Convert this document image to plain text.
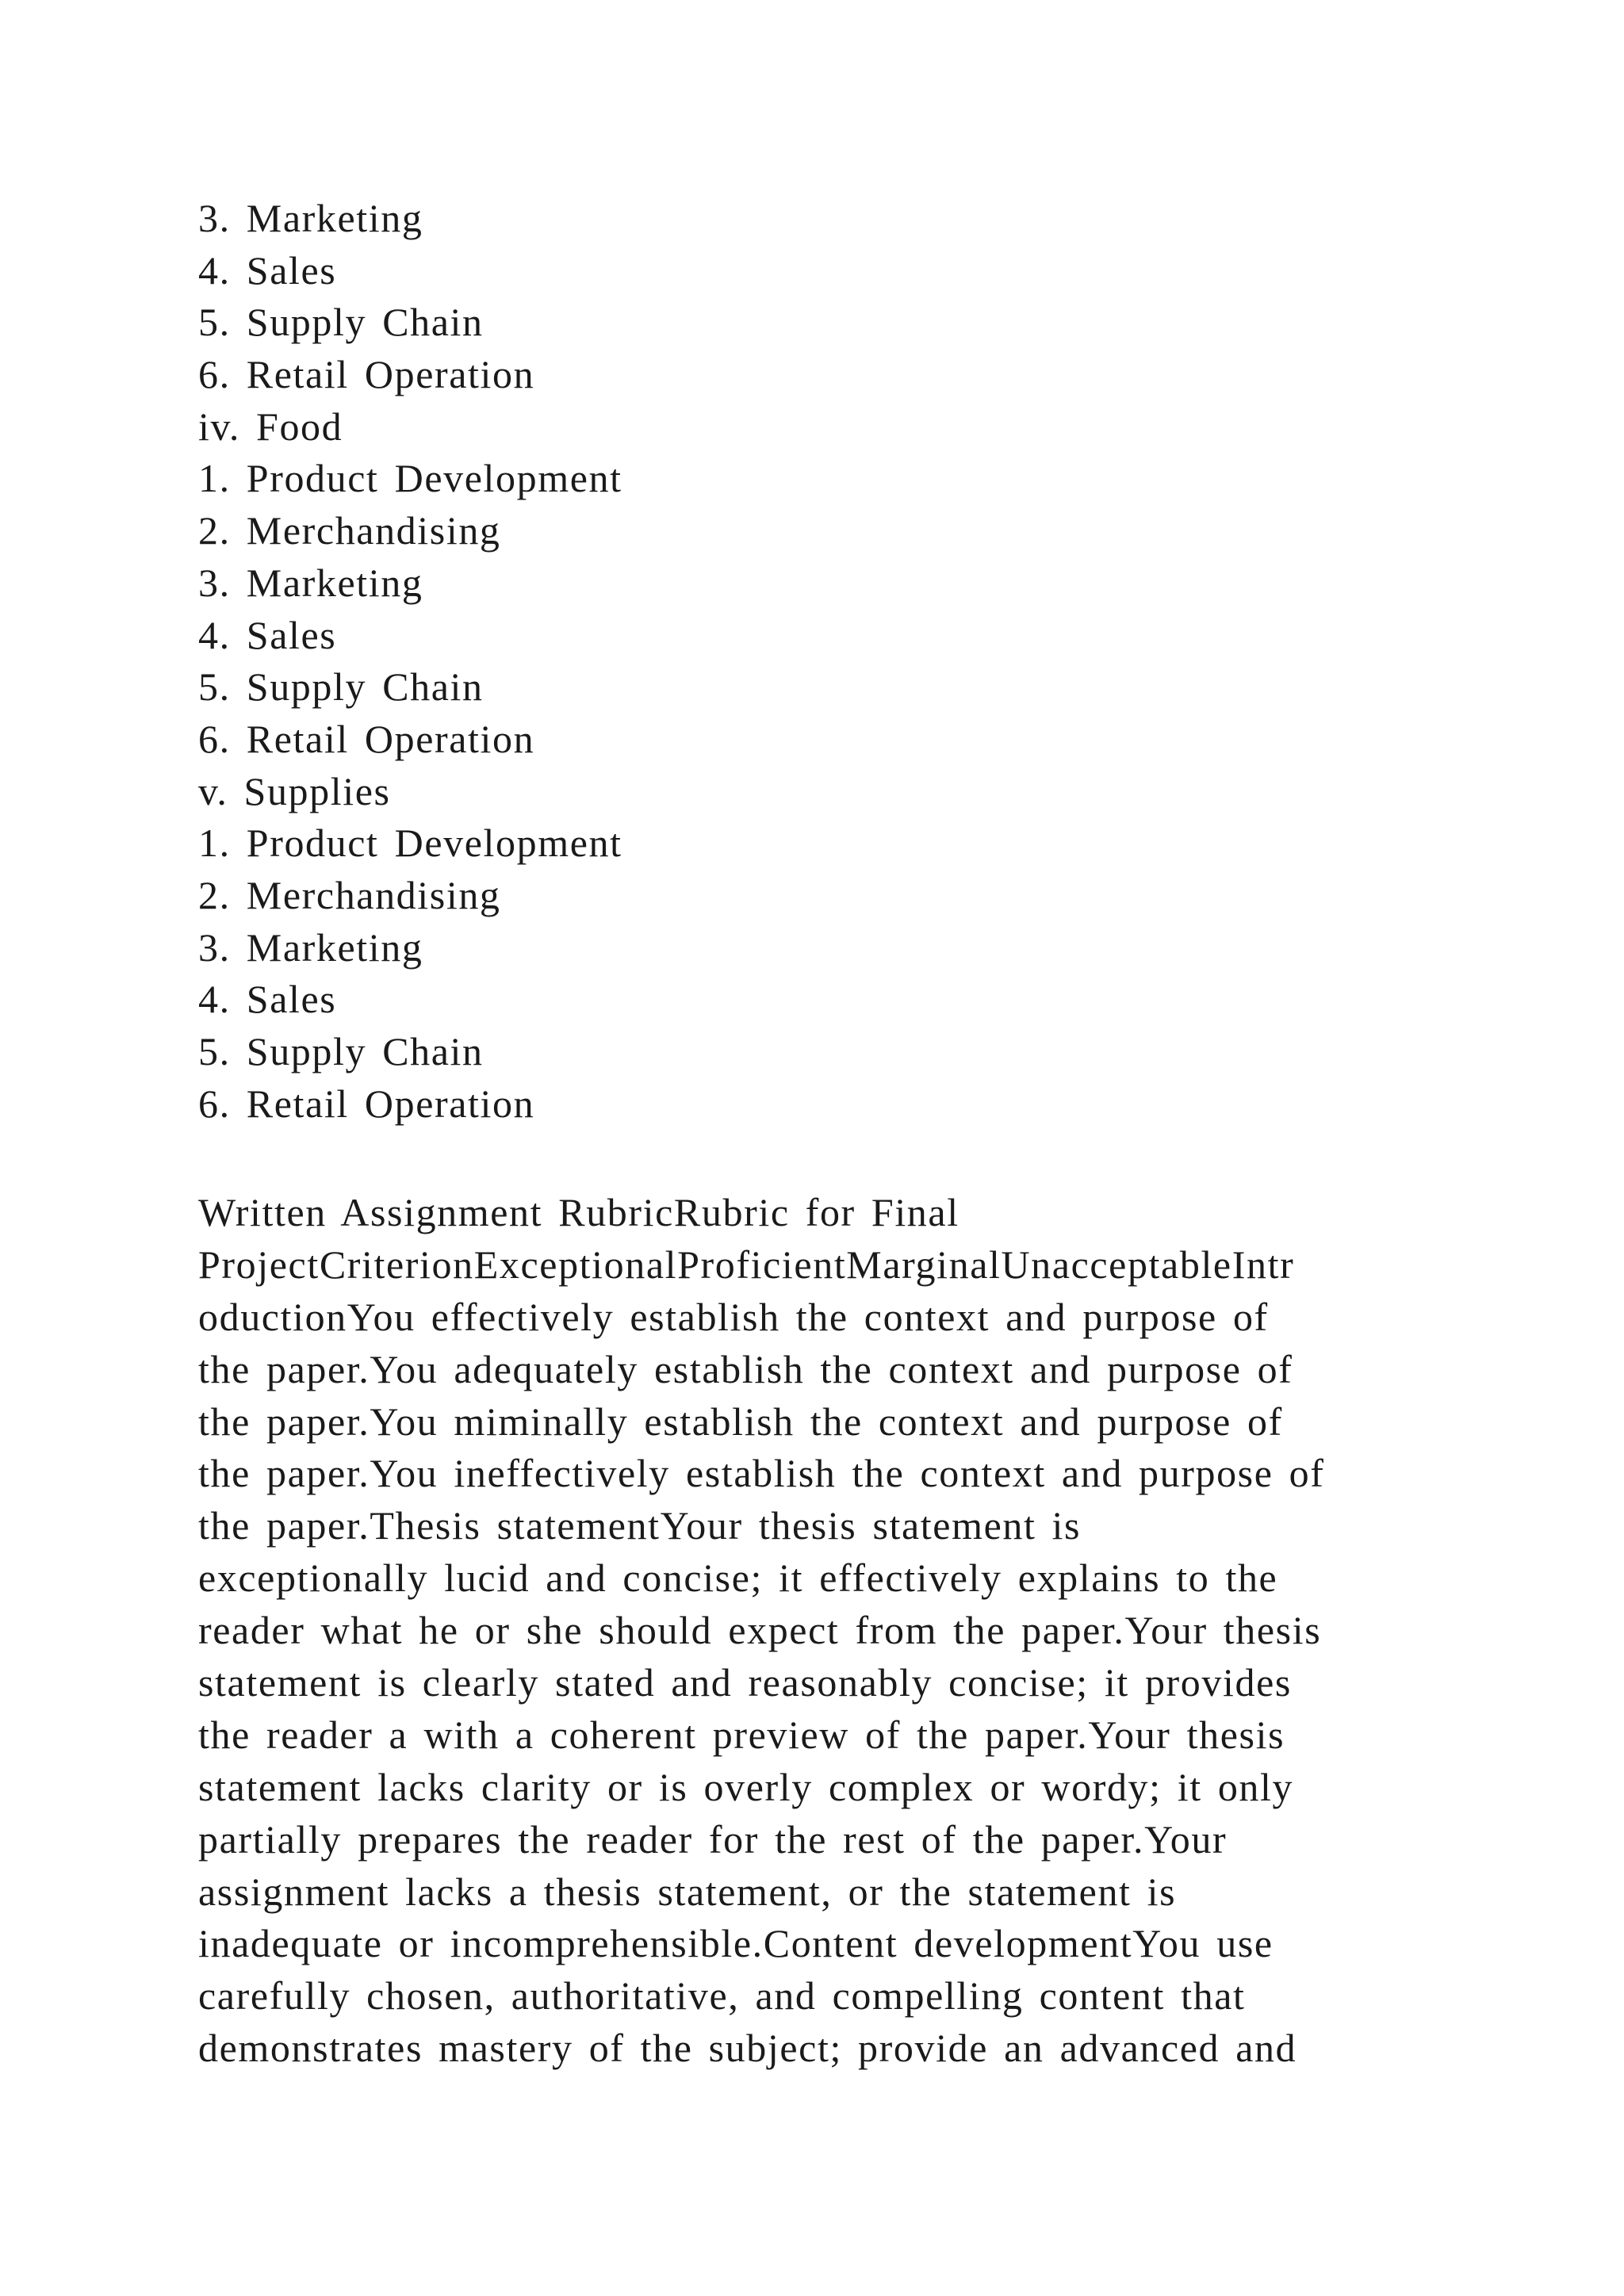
3. Marketing
4. Sales
5. Supply Chain
6. Retail Operation
iv. Food
1. Product Development
2. Merchandising
3. Marketing
4. Sales
5. Supply Chain
6. Retail Operation
v. Supplies
1. Product Development
2. Merchandising
3. Marketing
4. Sales
5. Supply Chain
6. Retail Operation
Written Assignment RubricRubric for Final
ProjectCriterionExceptionalProficientMarginalUnacceptableIntr
oductionYou effectively establish the context and purpose of
the paper.You adequately establish the context and purpose of
the paper.You miminally establish the context and purpose of
the paper.You ineffectively establish the context and purpose of
the paper.Thesis statementYour thesis statement is
exceptionally lucid and concise; it effectively explains to the
reader what he or she should expect from the paper.Your thesis
statement is clearly stated and reasonably concise; it provides
the reader a with a coherent preview of the paper.Your thesis
statement lacks clarity or is overly complex or wordy; it only
partially prepares the reader for the rest of the paper.Your
assignment lacks a thesis statement, or the statement is
inadequate or incomprehensible.Content developmentYou use
carefully chosen, authoritative, and compelling content that
demonstrates mastery of the subject; provide an advanced and
